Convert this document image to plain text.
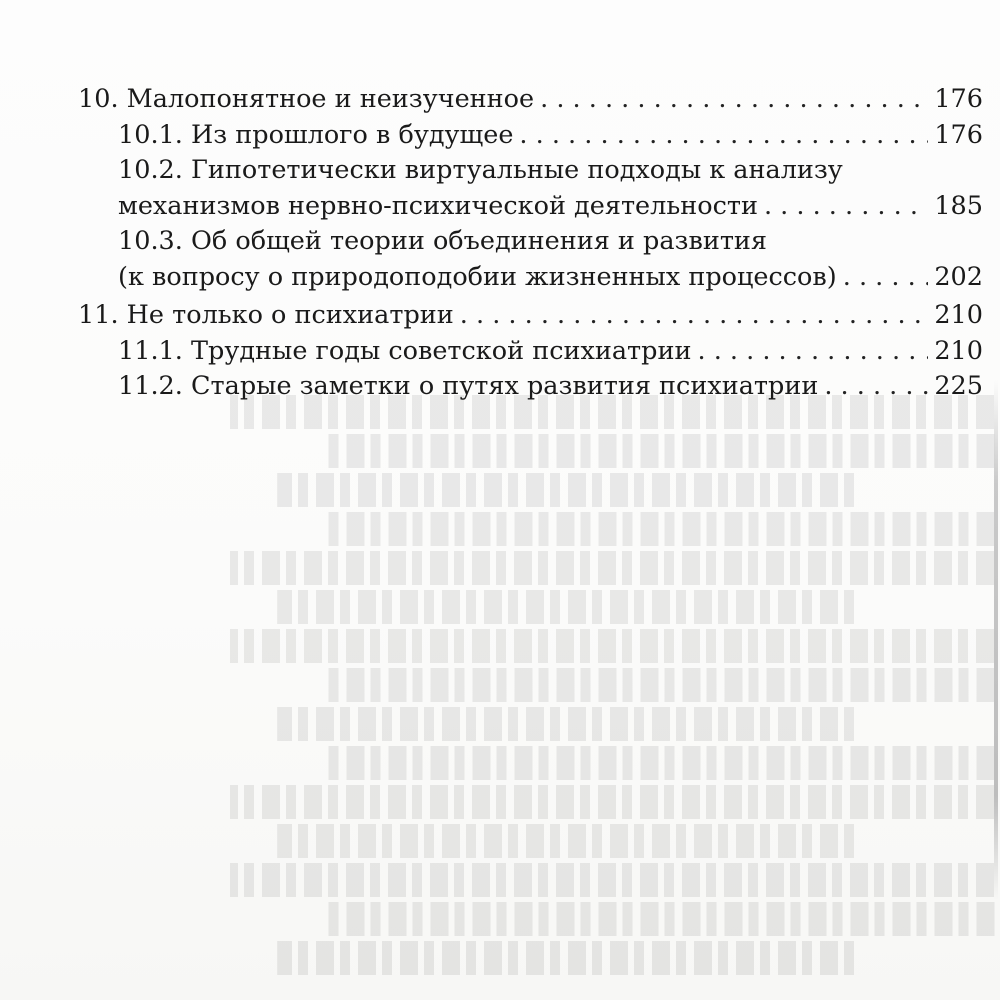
10. Малопонятное и неизученное . . .	176
10.1. Из прошлого в будущее . . .	176
10.2. Гипотетически виртуальные подходы к анализу
механизмов нервно-психической деятельности . . .	185
10.3. Об общей теории объединения и развития
(к вопросу о природоподобии жизненных процессов) . . .	202
11. Не только о психиатрии . . .	210
11.1. Трудные годы советской психиатрии . . .	210
11.2. Старые заметки о путях развития психиатрии . . .	225
